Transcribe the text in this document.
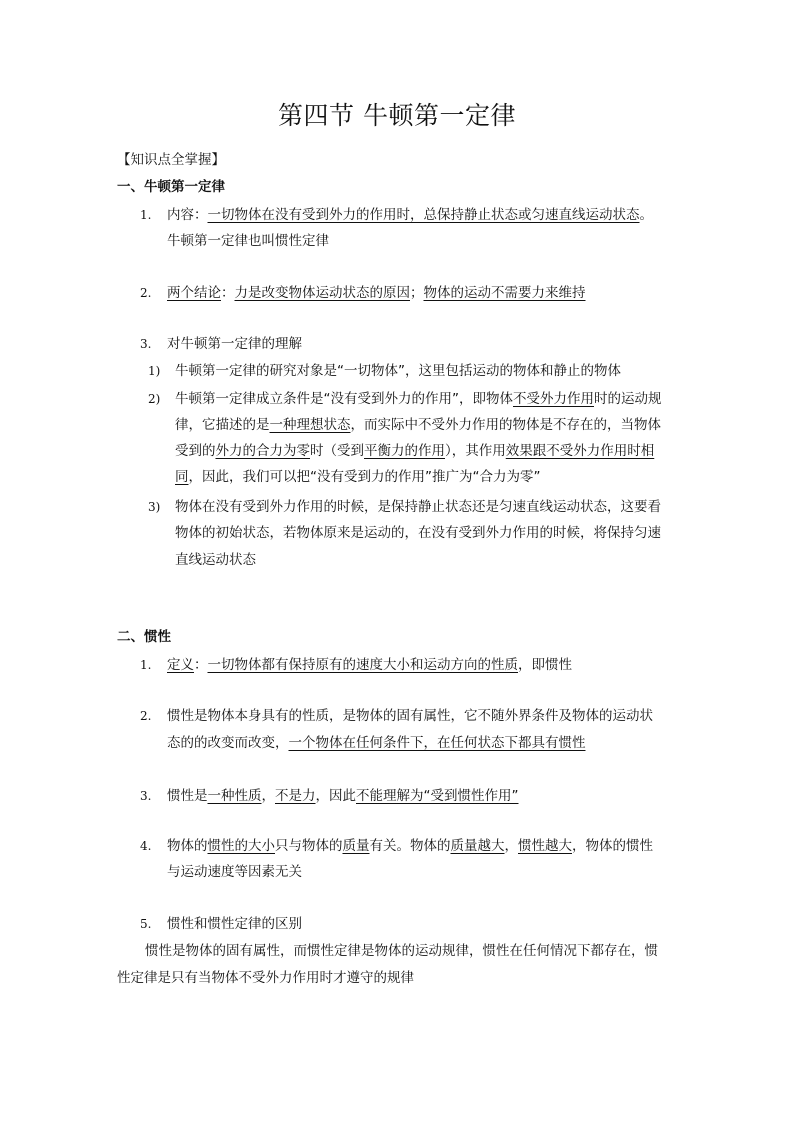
第四节 牛顿第一定律
【知识点全掌握】
一、牛顿第一定律
1. 内容：一切物体在没有受到外力的作用时，总保持静止状态或匀速直线运动状态。
牛顿第一定律也叫惯性定律
2. 两个结论：力是改变物体运动状态的原因；物体的运动不需要力来维持
3. 对牛顿第一定律的理解
1) 牛顿第一定律的研究对象是“一切物体”，这里包括运动的物体和静止的物体
2) 牛顿第一定律成立条件是“没有受到外力的作用”，即物体不受外力作用时的运动规
律，它描述的是一种理想状态，而实际中不受外力作用的物体是不存在的，当物体
受到的外力的合力为零时（受到平衡力的作用），其作用效果跟不受外力作用时相
同，因此，我们可以把“没有受到力的作用”推广为“合力为零”
3) 物体在没有受到外力作用的时候，是保持静止状态还是匀速直线运动状态，这要看
物体的初始状态，若物体原来是运动的，在没有受到外力作用的时候，将保持匀速
直线运动状态
二、惯性
1. 定义：一切物体都有保持原有的速度大小和运动方向的性质，即惯性
2. 惯性是物体本身具有的性质，是物体的固有属性，它不随外界条件及物体的运动状
态的的改变而改变，一个物体在任何条件下，在任何状态下都具有惯性
3. 惯性是一种性质，不是力，因此不能理解为“受到惯性作用”
4. 物体的惯性的大小只与物体的质量有关。物体的质量越大，惯性越大，物体的惯性
与运动速度等因素无关
5. 惯性和惯性定律的区别
惯性是物体的固有属性，而惯性定律是物体的运动规律，惯性在任何情况下都存在，惯
性定律是只有当物体不受外力作用时才遵守的规律
